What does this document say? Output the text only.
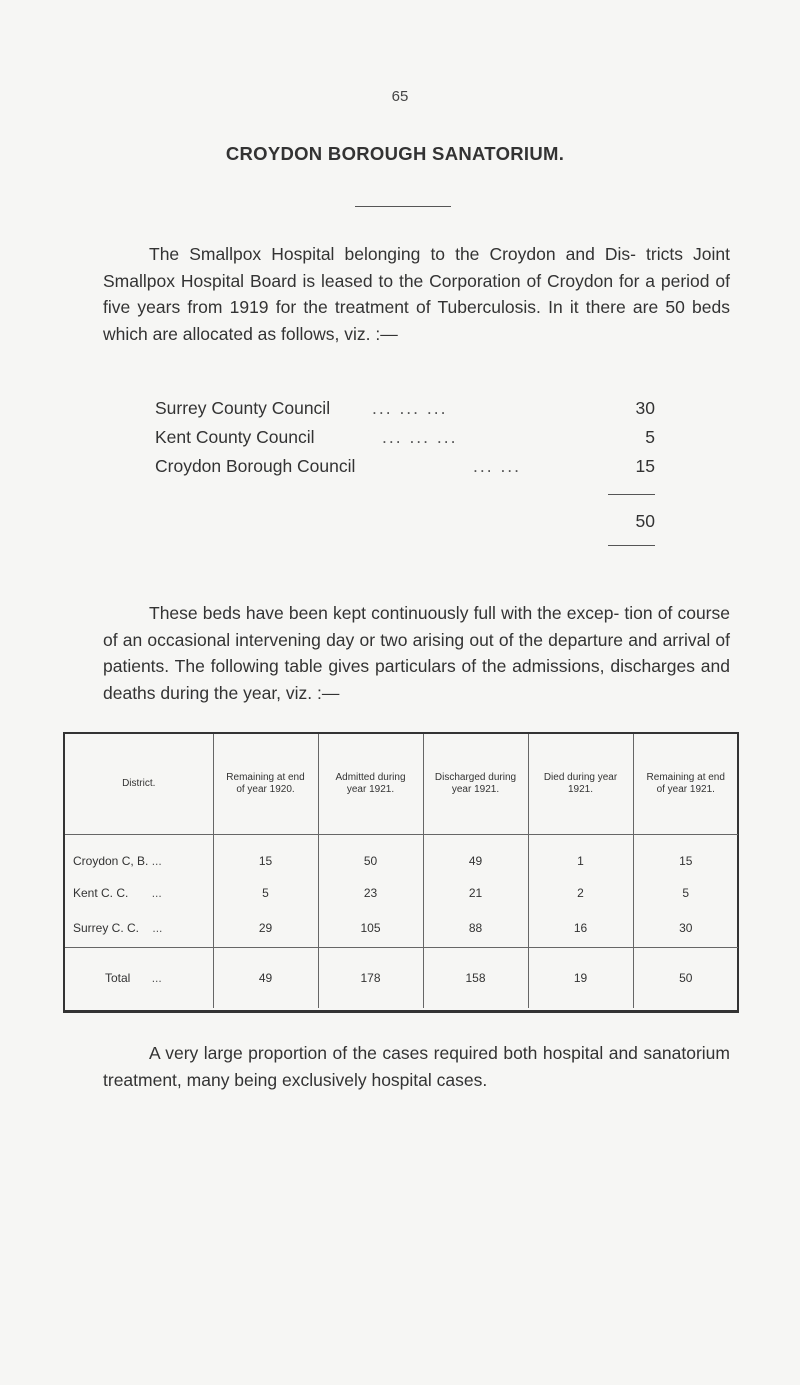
65
CROYDON BOROUGH SANATORIUM.

The Smallpox Hospital belonging to the Croydon and Dis- tricts Joint Smallpox Hospital Board is leased to the Corporation of Croydon for a period of five years from 1919 for the treatment of Tuberculosis. In it there are 50 beds which are allocated as follows, viz. :—

Surrey County Council ... ... ...	30
Kent County Council	... ... ...	5
Croydon Borough Council	... ...	15
50

These beds have been kept continuously full with the excep- tion of course of an occasional intervening day or two arising out of the departure and arrival of patients. The following table gives particulars of the admissions, discharges and deaths during the year, viz. :—

District.	Remaining at end of year 1920.	Admitted during year 1921.	Discharged during year 1921.	Died during year 1921.	Remaining at end of year 1921.
Croydon C, B. ...	15	50	49	1	15
Kent C. C. ...	5	23	21	2	5
Surrey C. C. ...	29	105	88	16	30
Total ...	49	178	158	19	50

A very large proportion of the cases required both hospital and sanatorium treatment, many being exclusively hospital cases.
